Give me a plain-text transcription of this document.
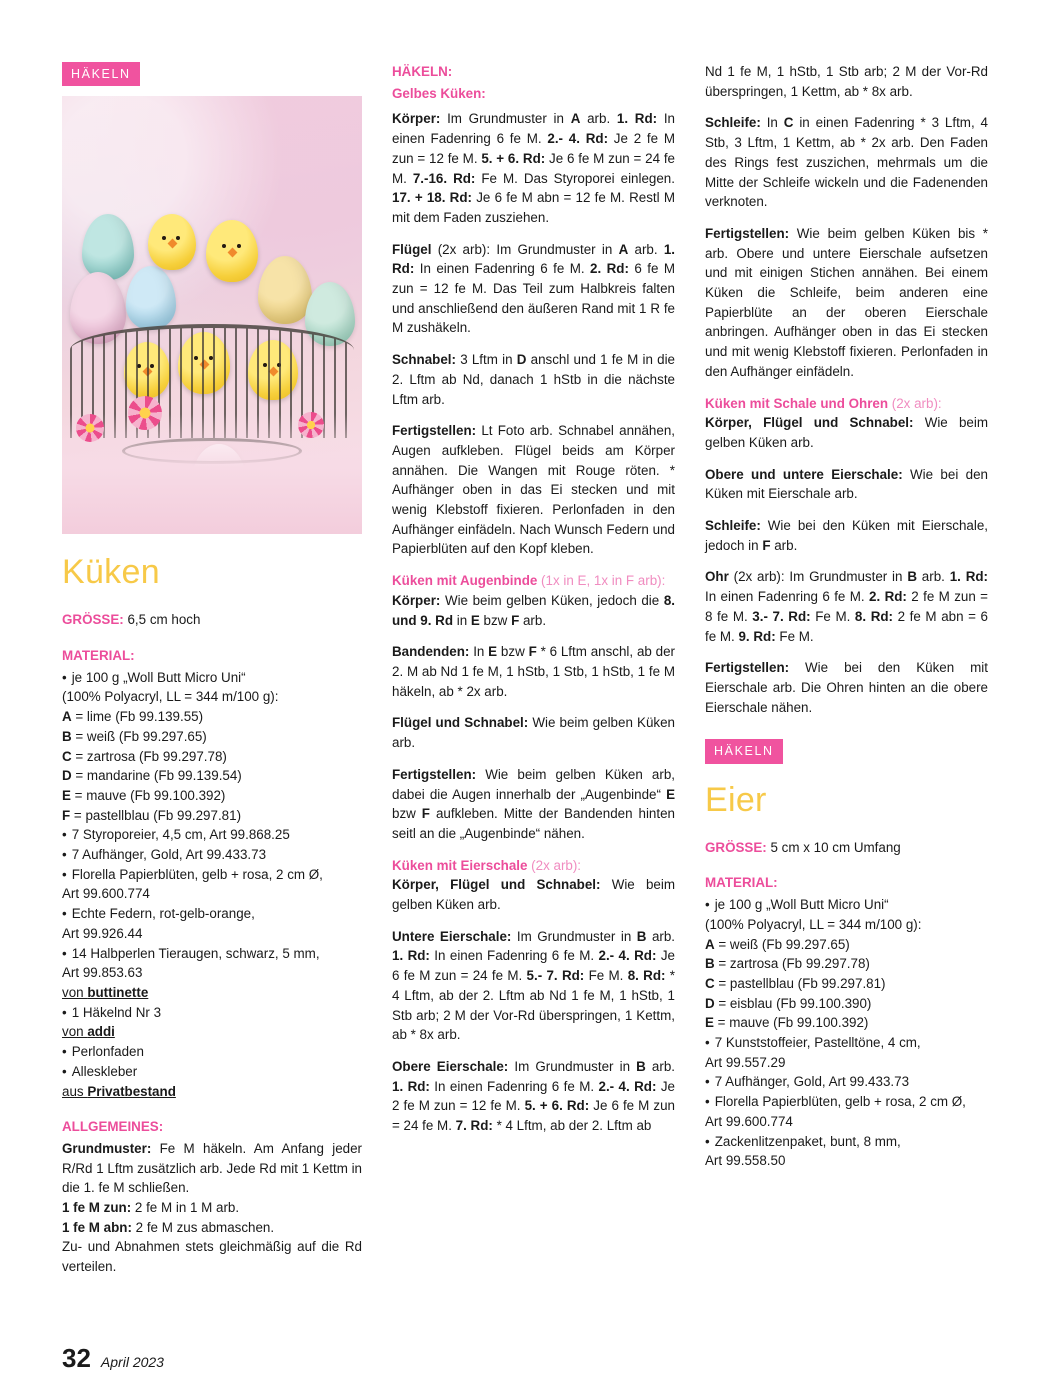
HÄKELN
Küken

GRÖSSE: 6,5 cm hoch

MATERIAL:
• je 100 g „Woll Butt Micro Uni“
(100% Polyacryl, LL = 344 m/100 g):
A = lime (Fb 99.139.55)
B = weiß (Fb 99.297.65)
C = zartrosa (Fb 99.297.78)
D = mandarine (Fb 99.139.54)
E = mauve (Fb 99.100.392)
F = pastellblau (Fb 99.297.81)
• 7 Styroporeier, 4,5 cm, Art 99.868.25
• 7 Aufhänger, Gold, Art 99.433.73
• Florella Papierblüten, gelb + rosa, 2 cm Ø,
Art 99.600.774
• Echte Federn, rot-gelb-orange,
Art 99.926.44
• 14 Halbperlen Tieraugen, schwarz, 5 mm,
Art 99.853.63
von buttinette
• 1 Häkelnd Nr 3
von addi
• Perlonfaden
• Alleskleber
aus Privatbestand
ALLGEMEINES:

Grundmuster: Fe M häkeln. Am Anfang jeder R/Rd 1 Lftm zusätzlich arb. Jede Rd mit 1 Kettm in die 1. fe M schließen.

1 fe M zun: 2 fe M in 1 M arb.

1 fe M abn: 2 fe M zus abmaschen.

Zu- und Abnahmen stets gleichmäßig auf die Rd verteilen.

HÄKELN:
Gelbes Küken:

Körper: Im Grundmuster in A arb. 1. Rd: In einen Fadenring 6 fe M. 2.- 4. Rd: Je 2 fe M zun = 12 fe M. 5. + 6. Rd: Je 6 fe M zun = 24 fe M. 7.-16. Rd: Fe M. Das Styroporei einlegen. 17. + 18. Rd: Je 6 fe M abn = 12 fe M. Restl M mit dem Faden zusziehen.

Flügel (2x arb): Im Grundmuster in A arb. 1. Rd: In einen Fadenring 6 fe M. 2. Rd: 6 fe M zun = 12 fe M. Das Teil zum Halbkreis falten und anschließend den äußeren Rand mit 1 R fe M zushäkeln.

Schnabel: 3 Lftm in D anschl und 1 fe M in die 2. Lftm ab Nd, danach 1 hStb in die nächste Lftm arb.

Fertigstellen: Lt Foto arb. Schnabel annähen, Augen aufkleben. Flügel beids am Körper annähen. Die Wangen mit Rouge röten. * Aufhänger oben in das Ei stecken und mit wenig Klebstoff fixieren. Perlonfaden in den Aufhänger einfädeln. Nach Wunsch Federn und Papierblüten auf den Kopf kleben.

Küken mit Augenbinde (1x in E, 1x in F arb):
Körper: Wie beim gelben Küken, jedoch die 8. und 9. Rd in E bzw F arb.

Bandenden: In E bzw F * 6 Lftm anschl, ab der 2. M ab Nd 1 fe M, 1 hStb, 1 Stb, 1 hStb, 1 fe M häkeln, ab * 2x arb.

Flügel und Schnabel: Wie beim gelben Küken arb.

Fertigstellen: Wie beim gelben Küken arb, dabei die Augen innerhalb der „Augenbinde“ E bzw F aufkleben. Mitte der Bandenden hinten seitl an die „Augenbinde“ nähen.

Küken mit Eierschale (2x arb):
Körper, Flügel und Schnabel: Wie beim gelben Küken arb.

Untere Eierschale: Im Grundmuster in B arb. 1. Rd: In einen Fadenring 6 fe M. 2.- 4. Rd: Je 6 fe M zun = 24 fe M. 5.- 7. Rd: Fe M. 8. Rd: * 4 Lftm, ab der 2. Lftm ab Nd 1 fe M, 1 hStb, 1 Stb arb; 2 M der Vor-Rd überspringen, 1 Kettm, ab * 8x arb.

Obere Eierschale: Im Grundmuster in B arb. 1. Rd: In einen Fadenring 6 fe M. 2.- 4. Rd: Je 2 fe M zun = 12 fe M. 5. + 6. Rd: Je 6 fe M zun = 24 fe M. 7. Rd: * 4 Lftm, ab der 2. Lftm ab

Nd 1 fe M, 1 hStb, 1 Stb arb; 2 M der Vor-Rd überspringen, 1 Kettm, ab * 8x arb.

Schleife: In C in einen Fadenring * 3 Lftm, 4 Stb, 3 Lftm, 1 Kettm, ab * 2x arb. Den Faden des Rings fest zuszichen, mehrmals um die Mitte der Schleife wickeln und die Fadenenden verknoten.

Fertigstellen: Wie beim gelben Küken bis * arb. Obere und untere Eierschale aufsetzen und mit einigen Stichen annähen. Bei einem Küken die Schleife, beim anderen eine Papierblüte an der oberen Eierschale anbringen. Aufhänger oben in das Ei stecken und mit wenig Klebstoff fixieren. Perlonfaden in den Aufhänger einfädeln.

Küken mit Schale und Ohren (2x arb):
Körper, Flügel und Schnabel: Wie beim gelben Küken arb.

Obere und untere Eierschale: Wie bei den Küken mit Eierschale arb.

Schleife: Wie bei den Küken mit Eierschale, jedoch in F arb.

Ohr (2x arb): Im Grundmuster in B arb. 1. Rd: In einen Fadenring 6 fe M. 2. Rd: 2 fe M zun = 8 fe M. 3.- 7. Rd: Fe M. 8. Rd: 2 fe M abn = 6 fe M. 9. Rd: Fe M.

Fertigstellen: Wie bei den Küken mit Eierschale arb. Die Ohren hinten an die obere Eierschale nähen.

HÄKELN
Eier

GRÖSSE: 5 cm x 10 cm Umfang

MATERIAL:
• je 100 g „Woll Butt Micro Uni“
(100% Polyacryl, LL = 344 m/100 g):
A = weiß (Fb 99.297.65)
B = zartrosa (Fb 99.297.78)
C = pastellblau (Fb 99.297.81)
D = eisblau (Fb 99.100.390)
E = mauve (Fb 99.100.392)
• 7 Kunststoffeier, Pastelltöne, 4 cm,
Art 99.557.29
• 7 Aufhänger, Gold, Art 99.433.73
• Florella Papierblüten, gelb + rosa, 2 cm Ø,
Art 99.600.774
• Zackenlitzenpaket, bunt, 8 mm,
Art 99.558.50
32 April 2023
